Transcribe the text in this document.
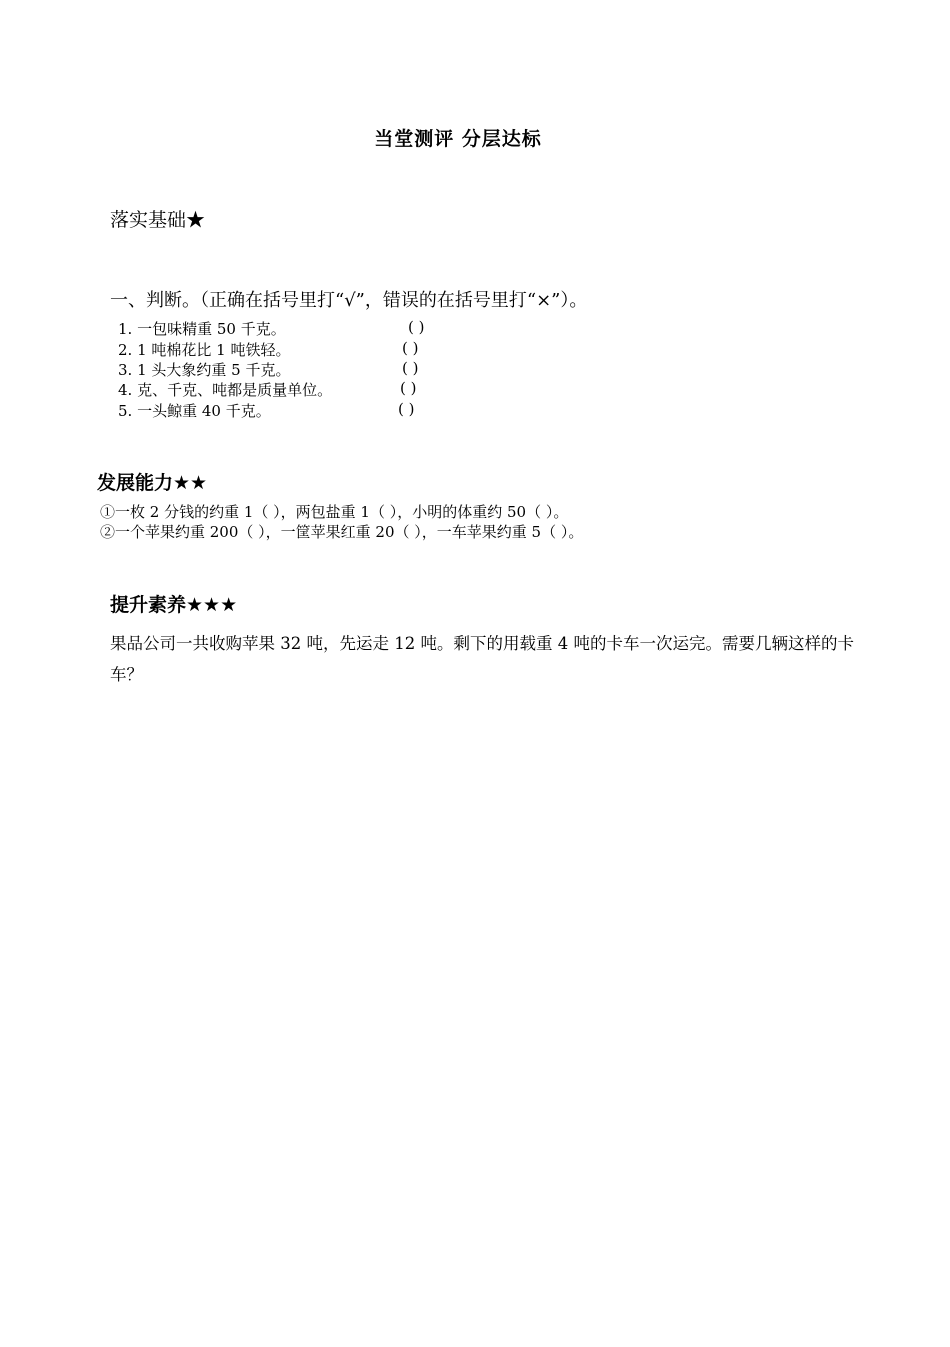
当堂测评 分层达标
落实基础★
一、判断。（正确在括号里打“√”，错误的在括号里打“×”）。
1. 一包味精重 50 千克。	( )
2. 1 吨棉花比 1 吨铁轻。	( )
3. 1 头大象约重 5 千克。	( )
4. 克、千克、吨都是质量单位。	( )
5. 一头鲸重 40 千克。	( )
发展能力★★
①一枚 2 分钱的约重 1（ ），两包盐重 1（ ），小明的体重约 50（ ）。
②一个苹果约重 200（ ），一筐苹果红重 20（ ），一车苹果约重 5（ ）。
提升素养★★★
果品公司一共收购苹果 32 吨，先运走 12 吨。剩下的用载重 4 吨的卡车一次运完。需要几辆这样的卡车？
